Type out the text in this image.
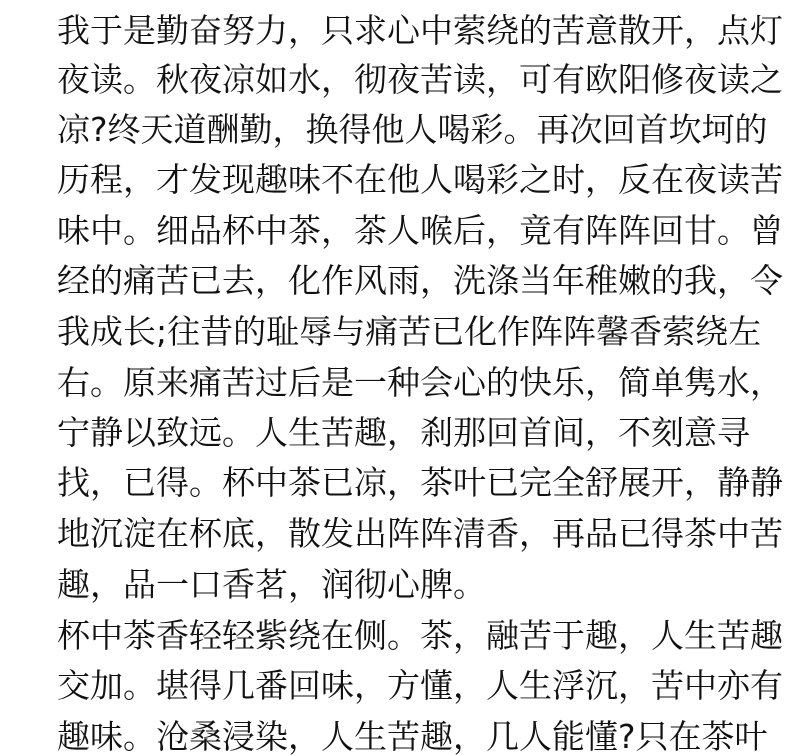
我于是勤奋努力，只求心中萦绕的苦意散开，点灯
夜读。秋夜凉如水，彻夜苦读，可有欧阳修夜读之
凉?终天道酬勤，换得他人喝彩。再次回首坎坷的
历程，才发现趣味不在他人喝彩之时，反在夜读苦
味中。细品杯中茶，茶人喉后，竟有阵阵回甘。曾
经的痛苦已去，化作风雨，洗涤当年稚嫩的我，令
我成长;往昔的耻辱与痛苦已化作阵阵馨香萦绕左
右。原来痛苦过后是一种会心的快乐，简单隽水，
宁静以致远。人生苦趣，刹那回首间，不刻意寻
找，已得。杯中茶已凉，茶叶已完全舒展开，静静
地沉淀在杯底，散发出阵阵清香，再品已得茶中苦
趣，品一口香茗，润彻心脾。
杯中茶香轻轻紫绕在侧。茶，融苦于趣，人生苦趣
交加。堪得几番回味，方懂，人生浮沉，苦中亦有
趣味。沧桑浸染，人生苦趣，几人能懂?只在茶叶
